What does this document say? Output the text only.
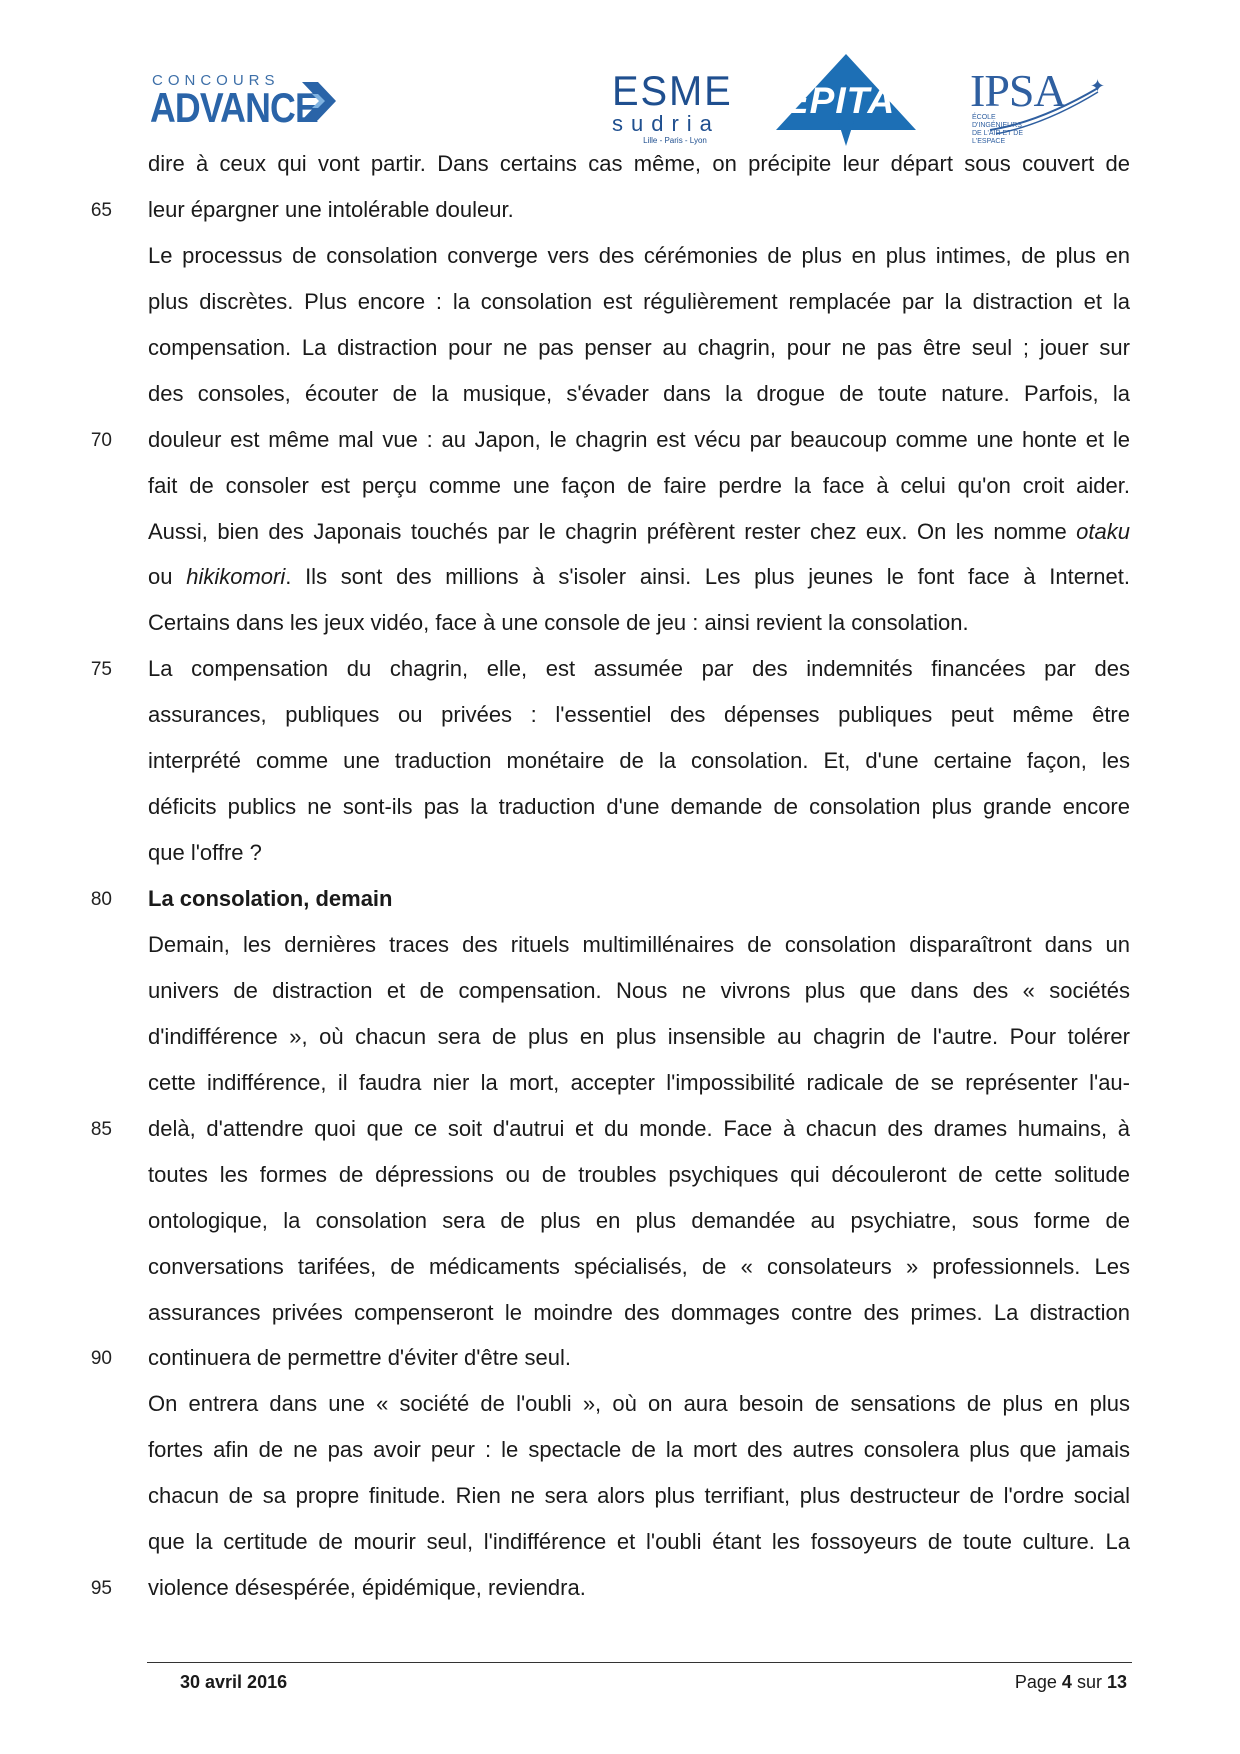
CONCOURS
ADVANCE	ESME
sudria
Lille - Paris - Lyon
EPITA IPSA
ÉCOLE D'INGÉNIEURS DE L'AIR ET DE L'ESPACE
✦
dire à ceux qui vont partir. Dans certains cas même, on précipite leur départ sous couvert de
65 leur épargner une intolérable douleur.
Le processus de consolation converge vers des cérémonies de plus en plus intimes, de plus en
plus discrètes. Plus encore : la consolation est régulièrement remplacée par la distraction et la
compensation. La distraction pour ne pas penser au chagrin, pour ne pas être seul ; jouer sur
des consoles, écouter de la musique, s'évader dans la drogue de toute nature. Parfois, la
70 douleur est même mal vue : au Japon, le chagrin est vécu par beaucoup comme une honte et le
fait de consoler est perçu comme une façon de faire perdre la face à celui qu'on croit aider.
Aussi, bien des Japonais touchés par le chagrin préfèrent rester chez eux. On les nomme otaku
ou hikikomori. Ils sont des millions à s'isoler ainsi. Les plus jeunes le font face à Internet.
Certains dans les jeux vidéo, face à une console de jeu : ainsi revient la consolation.
75 La compensation du chagrin, elle, est assumée par des indemnités financées par des
assurances, publiques ou privées : l'essentiel des dépenses publiques peut même être
interprété comme une traduction monétaire de la consolation. Et, d'une certaine façon, les
déficits publics ne sont-ils pas la traduction d'une demande de consolation plus grande encore
que l'offre ?
80 La consolation, demain
Demain, les dernières traces des rituels multimillénaires de consolation disparaîtront dans un
univers de distraction et de compensation. Nous ne vivrons plus que dans des « sociétés
d'indifférence », où chacun sera de plus en plus insensible au chagrin de l'autre. Pour tolérer
cette indifférence, il faudra nier la mort, accepter l'impossibilité radicale de se représenter l'au-
85 delà, d'attendre quoi que ce soit d'autrui et du monde. Face à chacun des drames humains, à
toutes les formes de dépressions ou de troubles psychiques qui découleront de cette solitude
ontologique, la consolation sera de plus en plus demandée au psychiatre, sous forme de
conversations tarifées, de médicaments spécialisés, de « consolateurs » professionnels. Les
assurances privées compenseront le moindre des dommages contre des primes. La distraction
90 continuera de permettre d'éviter d'être seul.
On entrera dans une « société de l'oubli », où on aura besoin de sensations de plus en plus
fortes afin de ne pas avoir peur : le spectacle de la mort des autres consolera plus que jamais
chacun de sa propre finitude. Rien ne sera alors plus terrifiant, plus destructeur de l'ordre social
que la certitude de mourir seul, l'indifférence et l'oubli étant les fossoyeurs de toute culture. La
95 violence désespérée, épidémique, reviendra.
30 avril 2016	Page 4 sur 13
